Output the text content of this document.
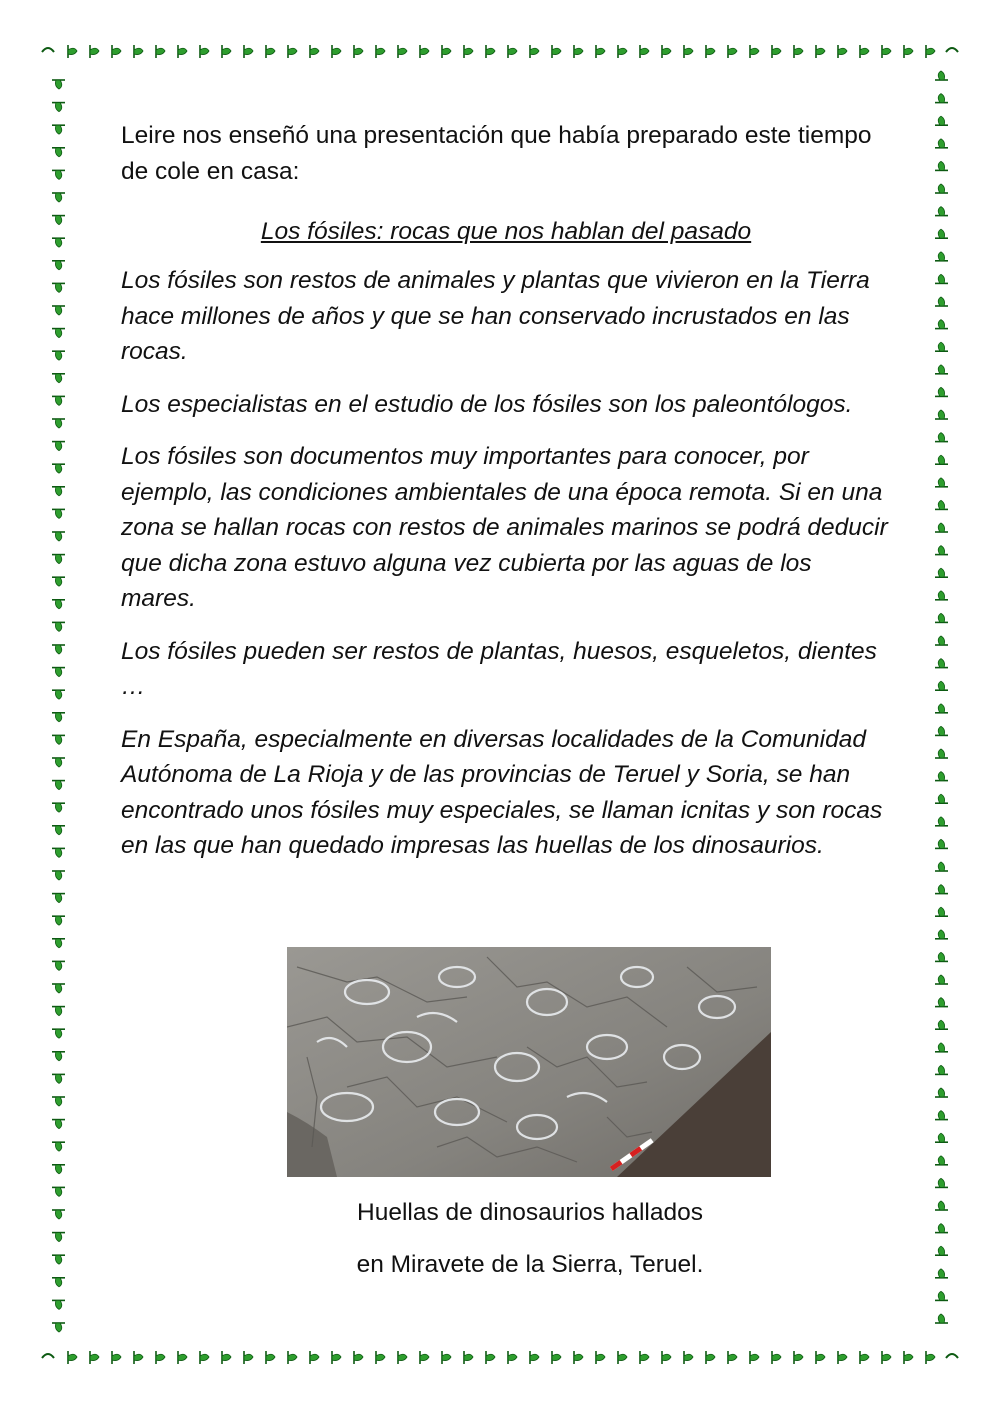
Leire nos enseñó una presentación que había preparado este tiempo de cole en casa:

Los fósiles: rocas que nos hablan del pasado

Los fósiles son restos de animales y plantas que vivieron en la Tierra hace millones de años y que se han conservado incrustados en las rocas.

Los especialistas en el estudio de los fósiles son los paleontólogos.

Los fósiles son documentos muy importantes para conocer, por ejemplo, las condiciones ambientales de una época remota. Si en una zona se hallan rocas con restos de animales marinos se podrá deducir que dicha zona estuvo alguna vez cubierta por las aguas de los mares.

Los fósiles pueden ser restos de plantas, huesos, esqueletos, dientes …

En España, especialmente en diversas localidades de la Comunidad Autónoma de La Rioja y de las provincias de Teruel y Soria, se han encontrado unos fósiles muy especiales, se llaman icnitas y son rocas en las que han quedado impresas las huellas de los dinosaurios.

Huellas de dinosaurios hallados
en Miravete de la Sierra, Teruel.
